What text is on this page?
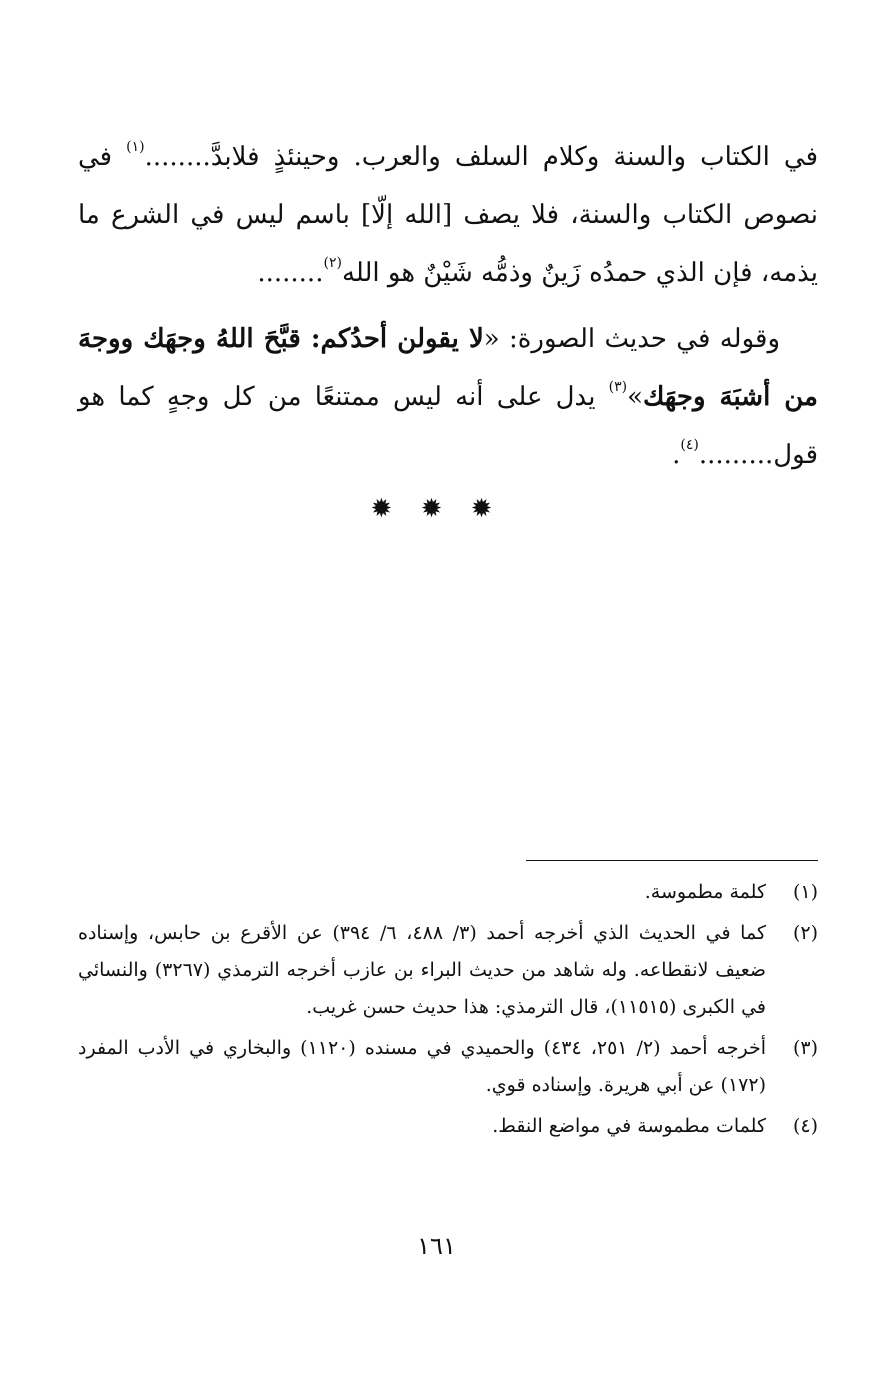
في الكتاب والسنة وكلام السلف والعرب. وحينئذٍ فلابدَّ........$^{(١)}$ في نصوص الكتاب والسنة، فلا يصف [الله إلّا] باسم ليس في الشرع ما يذمه، فإن الذي حمدُه زَينٌ وذمُّه شَيْنٌ هو الله$^{(٢)}$........

وقوله في حديث الصورة: «لا يقولن أحدُكم: قبَّحَ اللهُ وجهَك ووجهَ من أشبَهَ وجهَك»$^{(٣)}$ يدل على أنه ليس ممتنعًا من كل وجهٍ كما هو قول.........$^{(٤)}$.

✹ ✹ ✹
(١)
كلمة مطموسة.
(٢)
كما في الحديث الذي أخرجه أحمد (٣/ ٤٨٨، ٦/ ٣٩٤) عن الأقرع بن حابس، وإسناده ضعيف لانقطاعه. وله شاهد من حديث البراء بن عازب أخرجه الترمذي (٣٢٦٧) والنسائي في الكبرى (١١٥١٥)، قال الترمذي: هذا حديث حسن غريب.
(٣)
أخرجه أحمد (٢/ ٢٥١، ٤٣٤) والحميدي في مسنده (١١٢٠) والبخاري في الأدب المفرد (١٧٢) عن أبي هريرة. وإسناده قوي.
(٤)
كلمات مطموسة في مواضع النقط.
١٦١
